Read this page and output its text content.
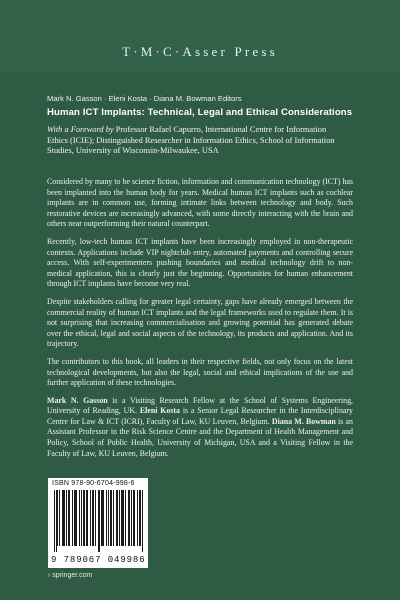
T·M·C·Asser Press
Mark N. Gasson · Eleni Kosta · Diana M. Bowman Editors
Human ICT Implants: Technical, Legal and Ethical Considerations
With a Foreword by Professor Rafael Capurro, International Centre for Information Ethics (ICIE); Distinguished Researcher in Information Ethics, School of Information Studies, University of Wisconsin-Milwaukee, USA

Considered by many to be science fiction, information and communication technology (ICT) has been implanted into the human body for years. Medical human ICT implants such as cochlear implants are in common use, forming intimate links between technology and body. Such restorative devices are increasingly advanced, with some directly interacting with the brain and others near outperforming their natural counterpart.

Recently, low-tech human ICT implants have been increasingly employed in non-therapeutic contexts. Applications include VIP nightclub entry, automated payments and controlling secure access. With self-experimenters pushing boundaries and medical technology drift to non-medical application, this is clearly just the beginning. Opportunities for human enhancement through ICT implants have become very real.

Despite stakeholders calling for greater legal certainty, gaps have already emerged between the commercial reality of human ICT implants and the legal frameworks used to regulate them. It is not surprising that increasing commercialisation and growing potential has generated debate over the ethical, legal and social aspects of the technology, its products and application. And its trajectory.

The contributors to this book, all leaders in their respective fields, not only focus on the latest technological developments, but also the legal, social and ethical implications of the use and further application of these technologies.

Mark N. Gasson is a Visiting Research Fellow at the School of Systems Engineering, University of Reading, UK. Eleni Kosta is a Senior Legal Researcher in the Interdisciplinary Centre for Law & ICT (ICRI), Faculty of Law, KU Leuven, Belgium. Diana M. Bowman is an Assistant Professor in the Risk Science Centre and the Department of Health Management and Policy, School of Public Health, University of Michigan, USA and a Visiting Fellow in the Faculty of Law, KU Leuven, Belgium.

ISBN 978-90-6704-998-6
9 789067 049986
› springer.com
